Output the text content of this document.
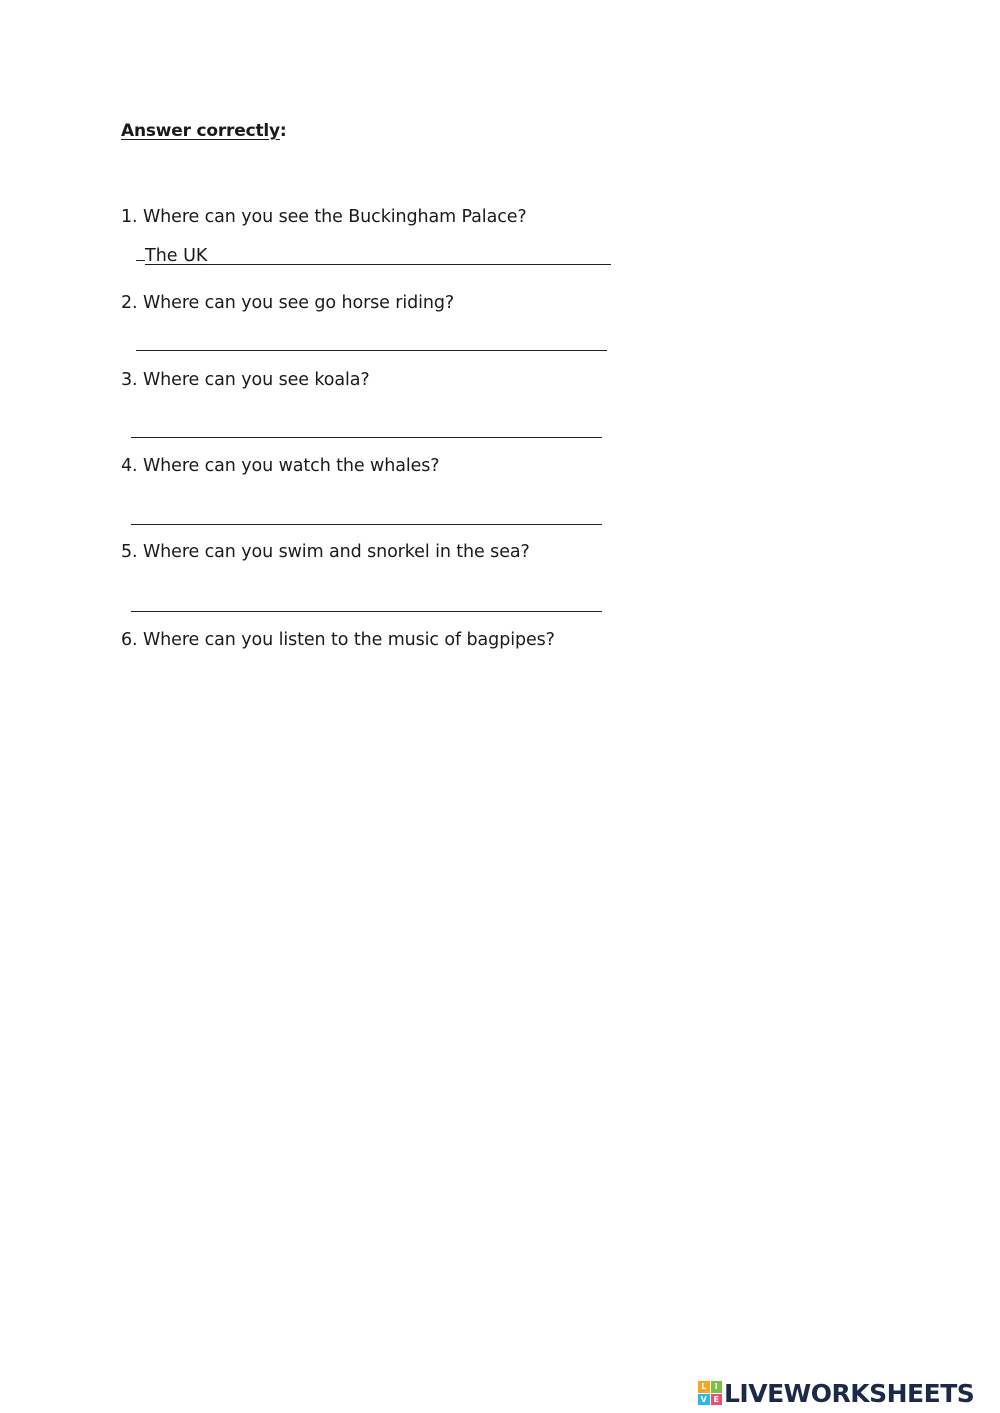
Answer correctly:
1. Where can you see the Buckingham Palace?
The UK
2. Where can you see go horse riding?
3. Where can you see koala?
4. Where can you watch the whales?
5. Where can you swim and snorkel in the sea?
6. Where can you listen to the music of bagpipes?
L	I
V E LIVEWORKSHEETS
